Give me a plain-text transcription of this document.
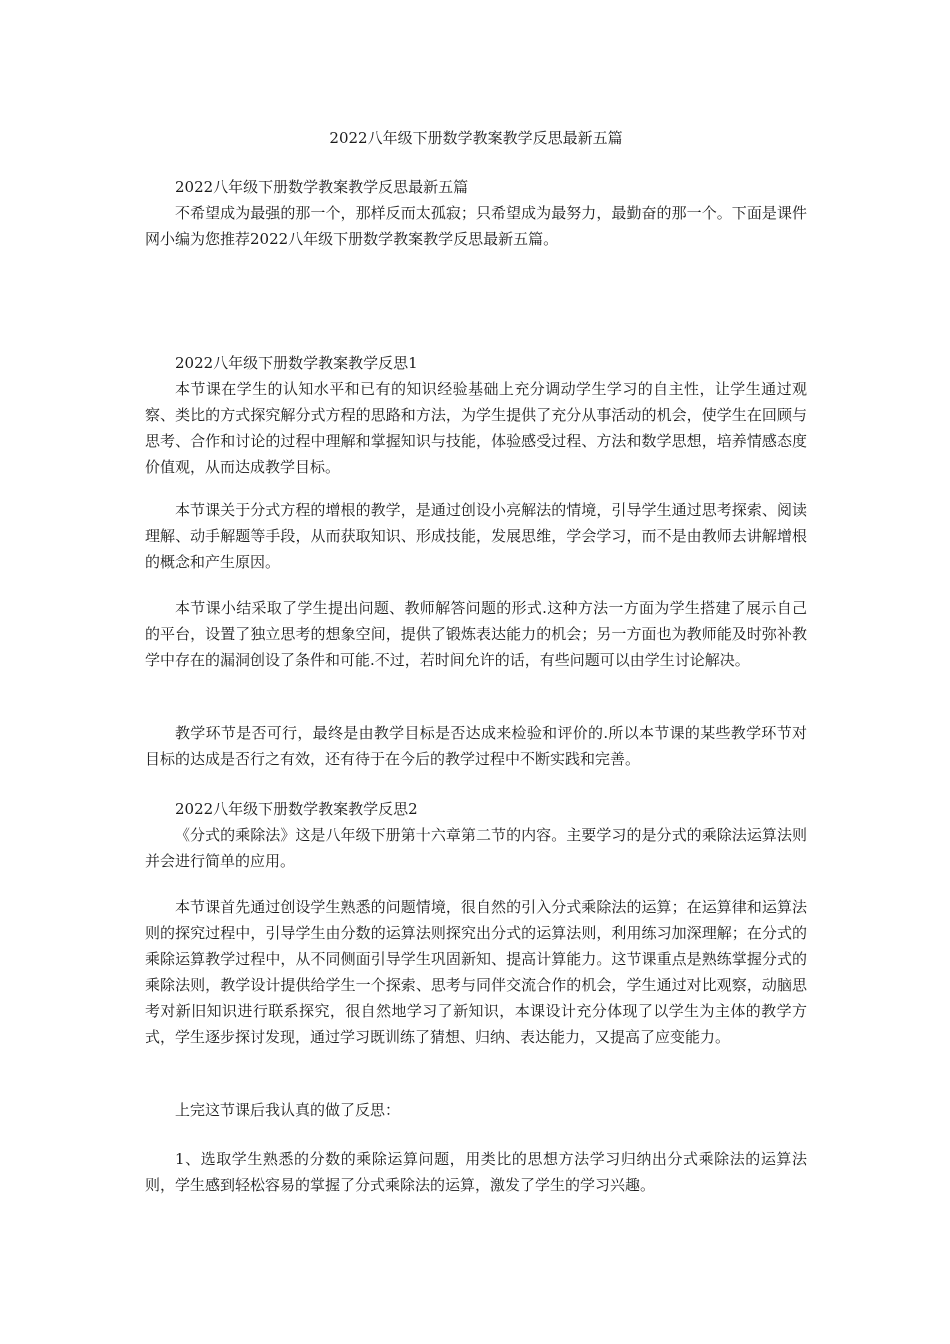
2022八年级下册数学教案教学反思最新五篇

2022八年级下册数学教案教学反思最新五篇

不希望成为最强的那一个，那样反而太孤寂；只希望成为最努力，最勤奋的那一个。下面是课件网小编为您推荐2022八年级下册数学教案教学反思最新五篇。

2022八年级下册数学教案教学反思1

本节课在学生的认知水平和已有的知识经验基础上充分调动学生学习的自主性，让学生通过观察、类比的方式探究解分式方程的思路和方法，为学生提供了充分从事活动的机会，使学生在回顾与思考、合作和讨论的过程中理解和掌握知识与技能，体验感受过程、方法和数学思想，培养情感态度价值观，从而达成教学目标。

本节课关于分式方程的增根的教学，是通过创设小亮解法的情境，引导学生通过思考探索、阅读理解、动手解题等手段，从而获取知识、形成技能，发展思维，学会学习，而不是由教师去讲解增根的概念和产生原因。

本节课小结采取了学生提出问题、教师解答问题的形式.这种方法一方面为学生搭建了展示自己的平台，设置了独立思考的想象空间，提供了锻炼表达能力的机会；另一方面也为教师能及时弥补教学中存在的漏洞创设了条件和可能.不过，若时间允许的话，有些问题可以由学生讨论解决。

教学环节是否可行，最终是由教学目标是否达成来检验和评价的.所以本节课的某些教学环节对目标的达成是否行之有效，还有待于在今后的教学过程中不断实践和完善。

2022八年级下册数学教案教学反思2

《分式的乘除法》这是八年级下册第十六章第二节的内容。主要学习的是分式的乘除法运算法则并会进行简单的应用。

本节课首先通过创设学生熟悉的问题情境，很自然的引入分式乘除法的运算；在运算律和运算法则的探究过程中，引导学生由分数的运算法则探究出分式的运算法则，利用练习加深理解；在分式的乘除运算教学过程中，从不同侧面引导学生巩固新知、提高计算能力。这节课重点是熟练掌握分式的乘除法则，教学设计提供给学生一个探索、思考与同伴交流合作的机会，学生通过对比观察，动脑思考对新旧知识进行联系探究，很自然地学习了新知识，本课设计充分体现了以学生为主体的教学方式，学生逐步探讨发现，通过学习既训练了猜想、归纳、表达能力，又提高了应变能力。

上完这节课后我认真的做了反思：

1、选取学生熟悉的分数的乘除运算问题，用类比的思想方法学习归纳出分式乘除法的运算法则，学生感到轻松容易的掌握了分式乘除法的运算，激发了学生的学习兴趣。
